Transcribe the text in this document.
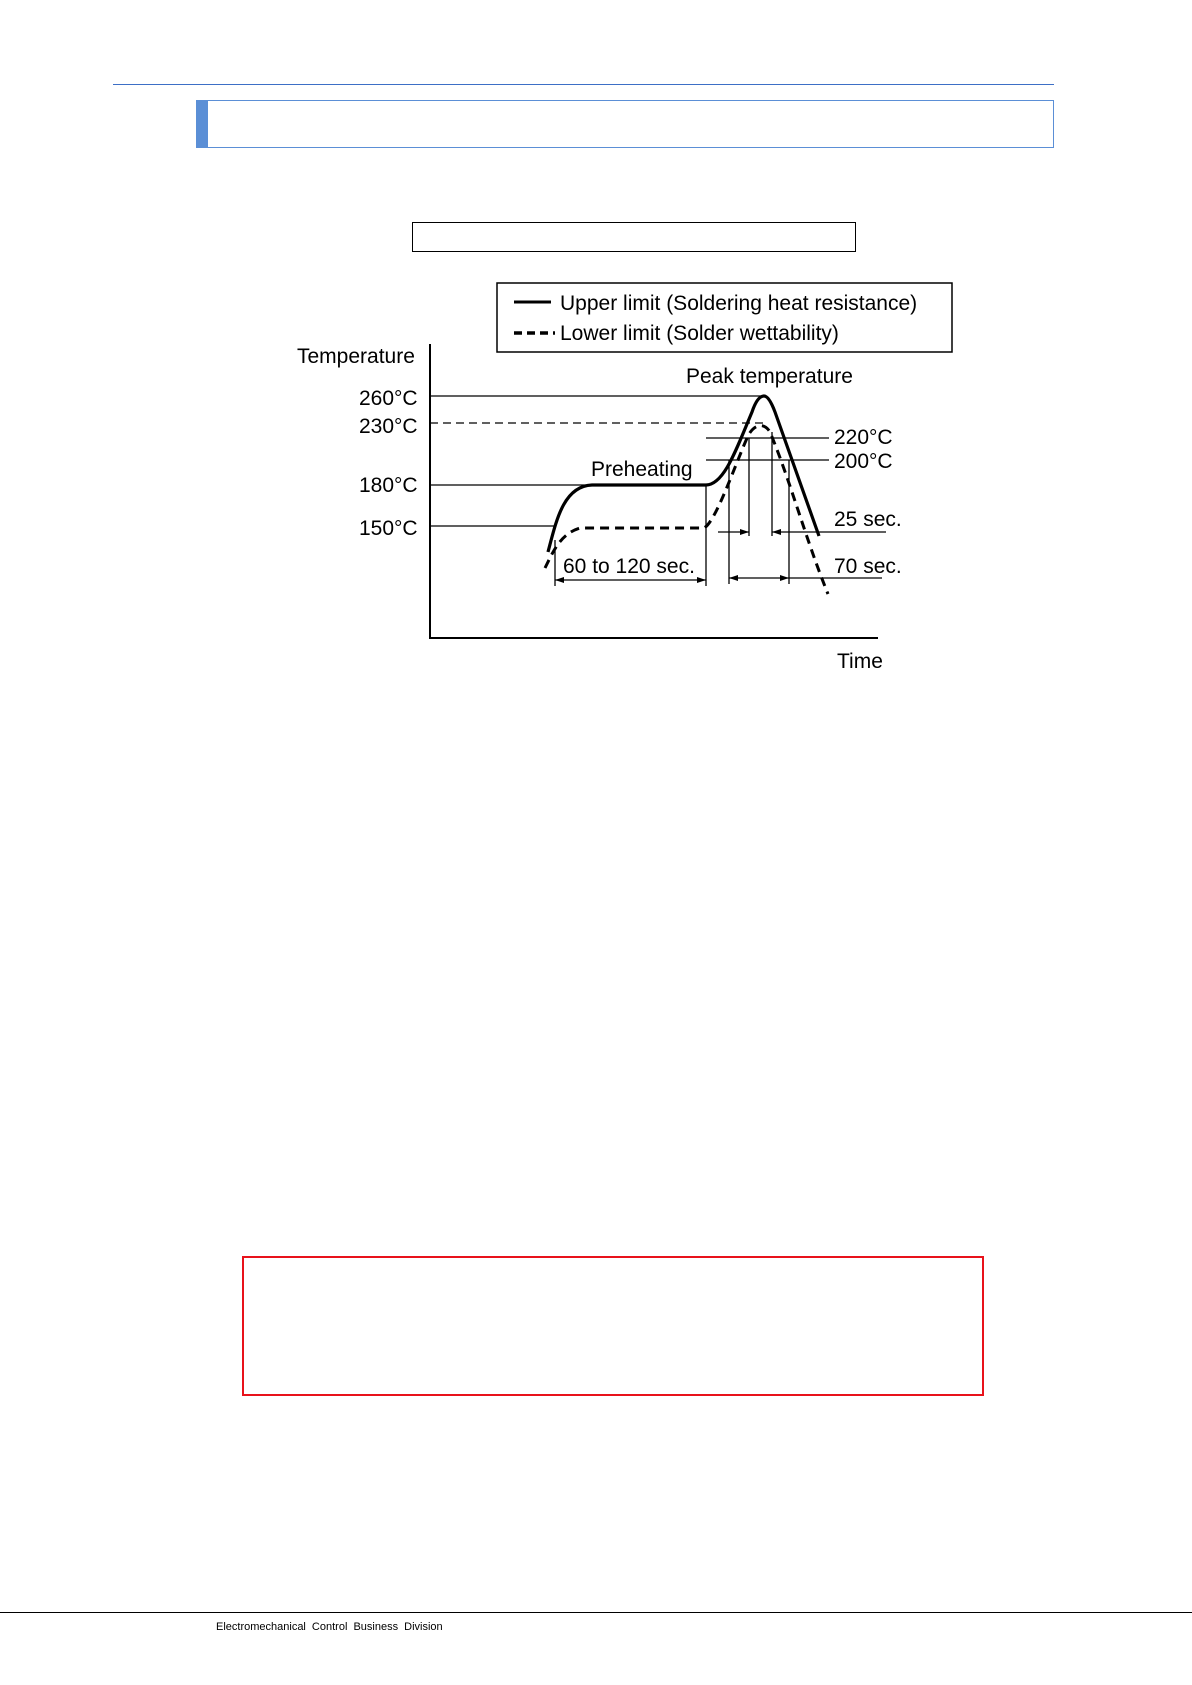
Temperature
Time
260°C
230°C
180°C
150°C
220°C
200°C
Peak temperature
Preheating
60 to 120 sec.
25 sec.
70 sec.
Upper limit (Soldering heat resistance)
Lower limit (Solder wettability)
Electromechanical Control Business Division
